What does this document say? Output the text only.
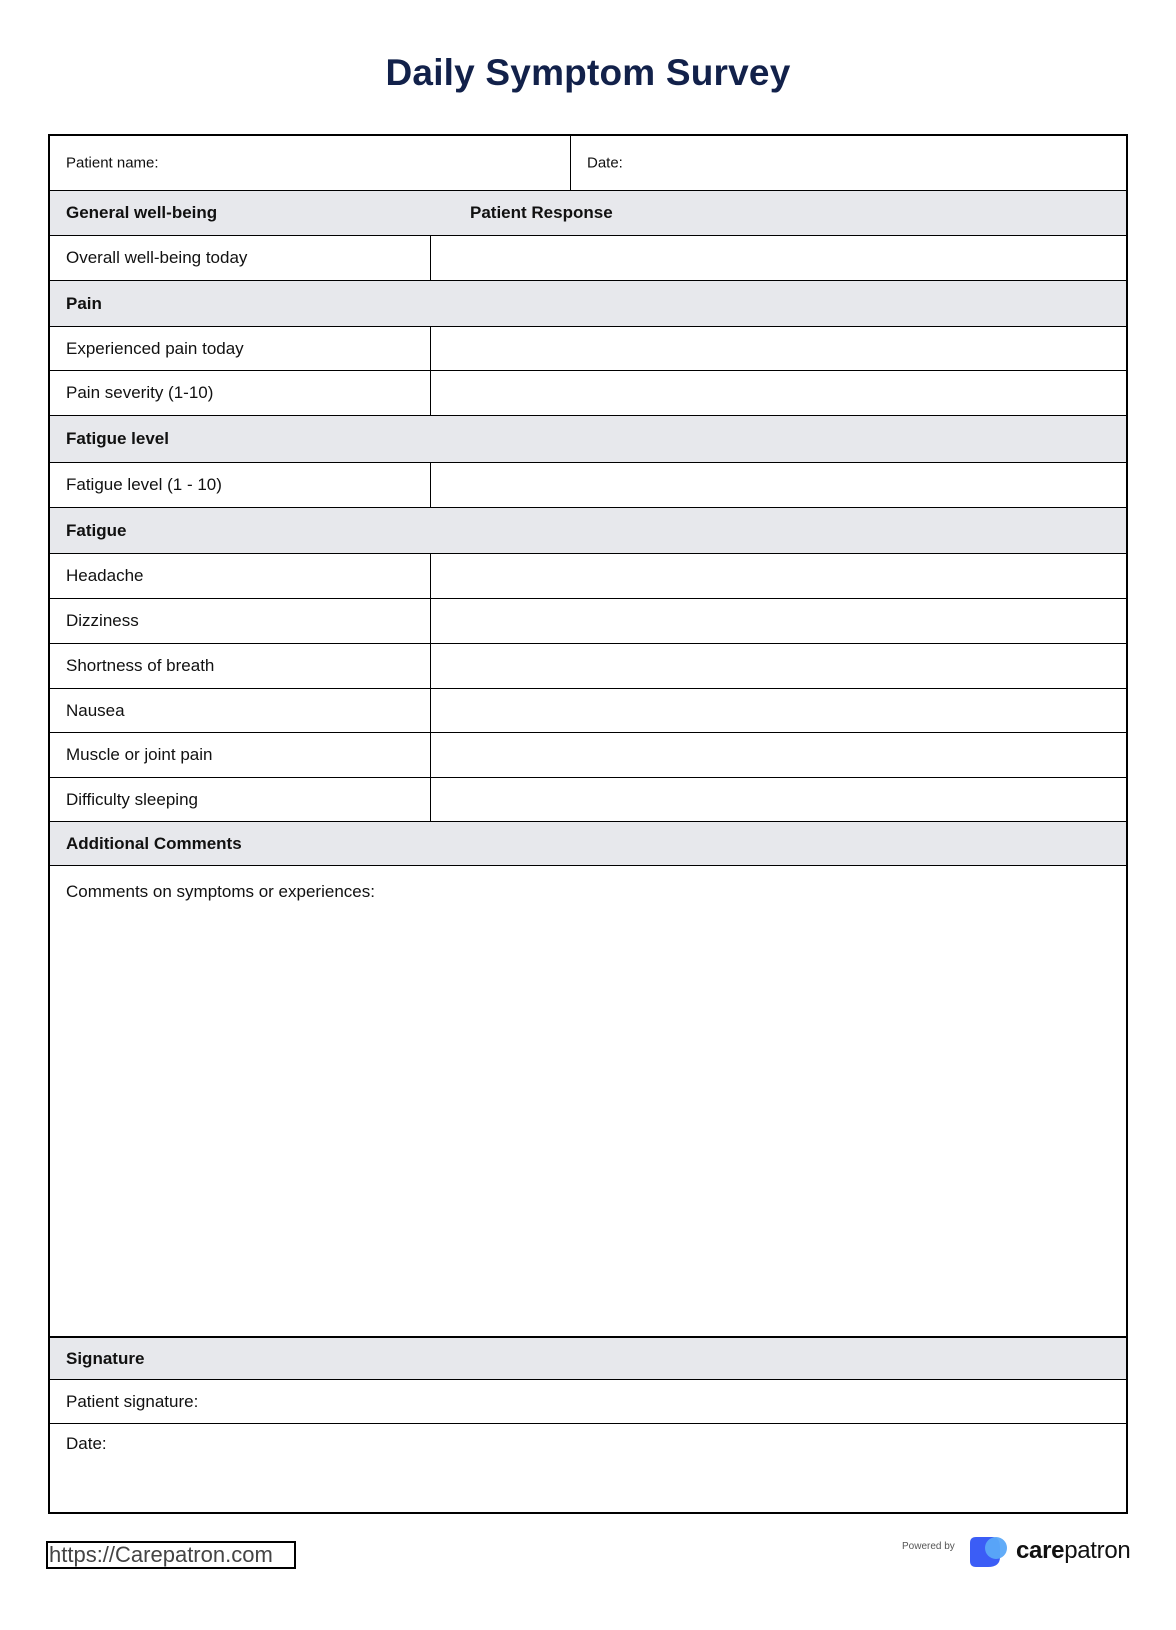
Daily Symptom Survey
Patient name:	Date:
General well-being	Patient Response
Overall well-being today
Pain
Experienced pain today
Pain severity (1-10)
Fatigue level
Fatigue level (1 - 10)
Fatigue
Headache
Dizziness
Shortness of breath
Nausea
Muscle or joint pain
Difficulty sleeping
Additional Comments
Comments on symptoms or experiences:
Signature
Patient signature:
Date:
https://Carepatron.com	Powered by	carepatron
